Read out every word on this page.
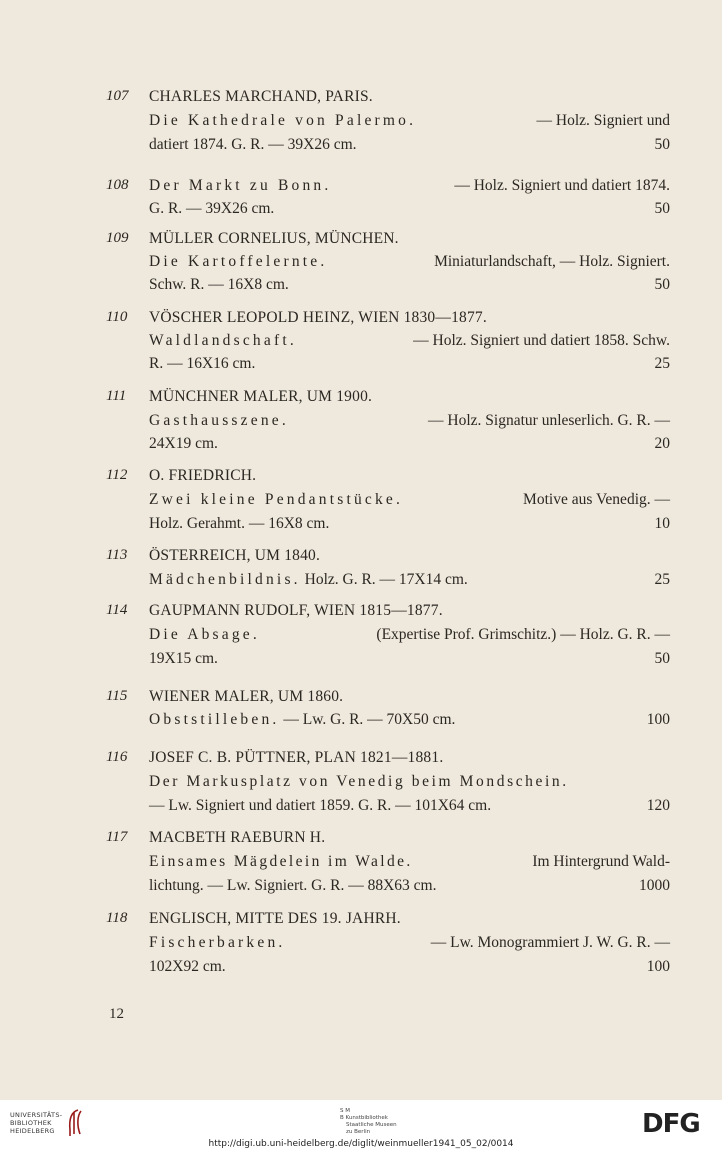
107	CHARLES MARCHAND, PARIS.
Die Kathedrale von Palermo.	— Holz. Signiert und
datiert 1874. G. R. — 39X26 cm.	50
108	Der Markt zu Bonn.	— Holz. Signiert und datiert 1874.
G. R. — 39X26 cm.	50
109	MÜLLER CORNELIUS, MÜNCHEN.
Die Kartoffelernte.	Miniaturlandschaft, — Holz. Signiert.
Schw. R. — 16X8 cm.	50
110	VÖSCHER LEOPOLD HEINZ, WIEN 1830—1877.
Waldlandschaft.	— Holz. Signiert und datiert 1858. Schw.
R. — 16X16 cm.	25
111	MÜNCHNER MALER, UM 1900.
Gasthausszene.	— Holz. Signatur unleserlich. G. R. —
24X19 cm.	20
112	O. FRIEDRICH.
Zwei kleine Pendantstücke.	Motive aus Venedig. —
Holz. Gerahmt. — 16X8 cm.	10
113	ÖSTERREICH, UM 1840.
Mädchenbildnis. Holz. G. R. — 17X14 cm.	25
114	GAUPMANN RUDOLF, WIEN 1815—1877.
Die Absage.	(Expertise Prof. Grimschitz.) — Holz. G. R. —
19X15 cm.	50
115	WIENER MALER, UM 1860.
Obststilleben. — Lw. G. R. — 70X50 cm.	100
116	JOSEF C. B. PÜTTNER, PLAN 1821—1881.
Der Markusplatz von Venedig beim Mondschein.
— Lw. Signiert und datiert 1859. G. R. — 101X64 cm.	120
117	MACBETH RAEBURN H.
Einsames Mägdelein im Walde.	Im Hintergrund Wald-
lichtung. — Lw. Signiert. G. R. — 88X63 cm.	1000
118	ENGLISCH, MITTE DES 19. JAHRH.
Fischerbarken.	— Lw. Monogrammiert J. W. G. R. —
102X92 cm.	100
12
UNIVERSITÄTS-
BIBLIOTHEK
HEIDELBERG
S M
B Kunstbibliothek
Staatliche Museen
zu Berlin	DFG
http://digi.ub.uni-heidelberg.de/diglit/weinmueller1941_05_02/0014
